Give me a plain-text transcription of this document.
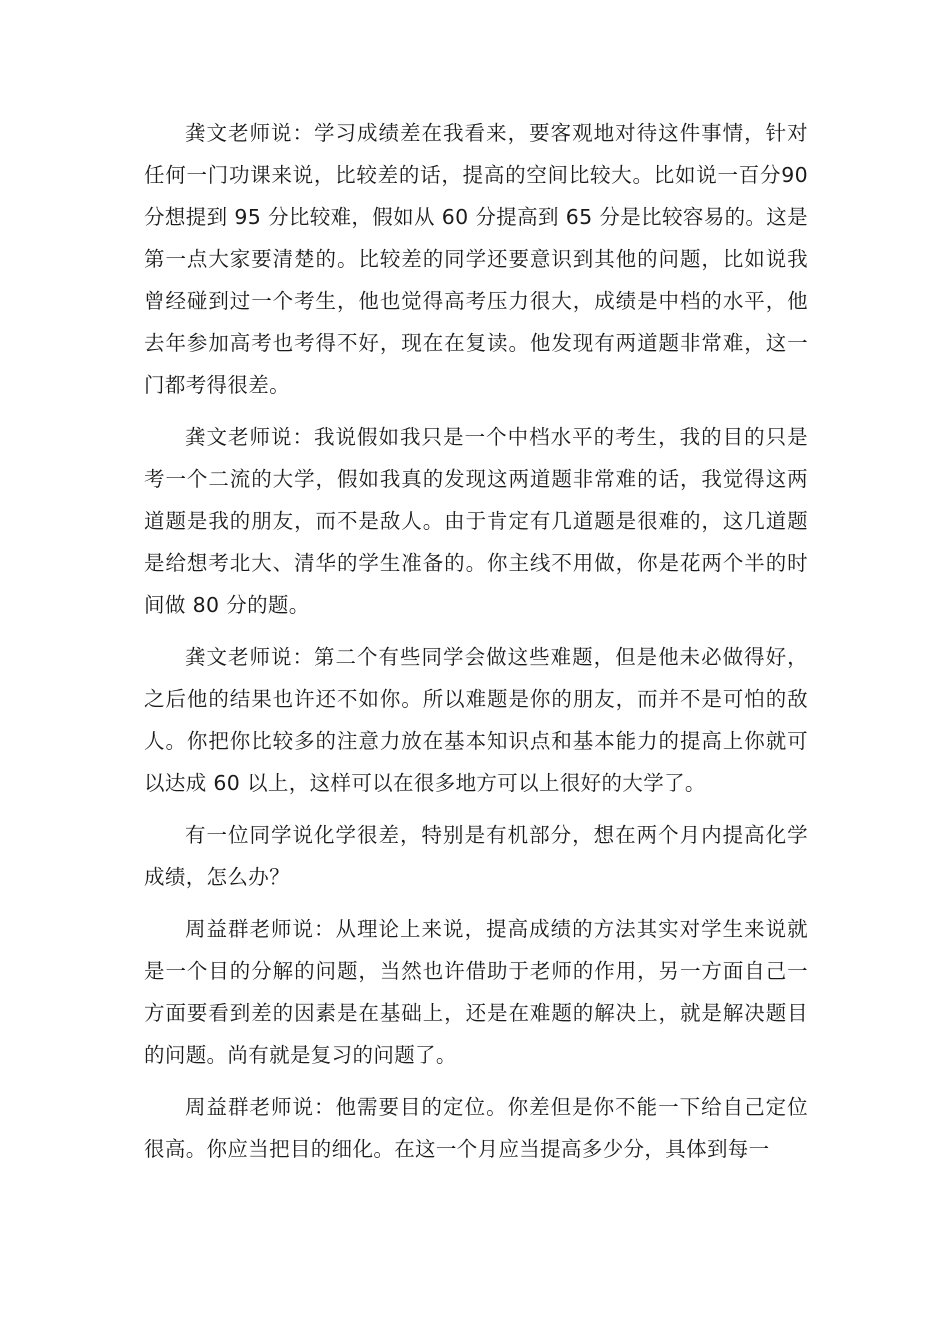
龚文老师说：学习成绩差在我看来，要客观地对待这件事情，针对任何一门功课来说，比较差的话，提高的空间比较大。比如说一百分90 分想提到 95 分比较难，假如从 60 分提高到 65 分是比较容易的。这是第一点大家要清楚的。比较差的同学还要意识到其他的问题，比如说我曾经碰到过一个考生，他也觉得高考压力很大，成绩是中档的水平，他去年参加高考也考得不好，现在在复读。他发现有两道题非常难，这一门都考得很差。

龚文老师说：我说假如我只是一个中档水平的考生，我的目的只是考一个二流的大学，假如我真的发现这两道题非常难的话，我觉得这两道题是我的朋友，而不是敌人。由于肯定有几道题是很难的，这几道题是给想考北大、清华的学生准备的。你主线不用做，你是花两个半的时间做 80 分的题。

龚文老师说：第二个有些同学会做这些难题，但是他未必做得好，之后他的结果也许还不如你。所以难题是你的朋友，而并不是可怕的敌人。你把你比较多的注意力放在基本知识点和基本能力的提高上你就可以达成 60 以上，这样可以在很多地方可以上很好的大学了。

有一位同学说化学很差，特别是有机部分，想在两个月内提高化学成绩，怎么办？

周益群老师说：从理论上来说，提高成绩的方法其实对学生来说就是一个目的分解的问题，当然也许借助于老师的作用，另一方面自己一方面要看到差的因素是在基础上，还是在难题的解决上，就是解决题目的问题。尚有就是复习的问题了。

周益群老师说：他需要目的定位。你差但是你不能一下给自己定位很高。你应当把目的细化。在这一个月应当提高多少分，具体到每一
